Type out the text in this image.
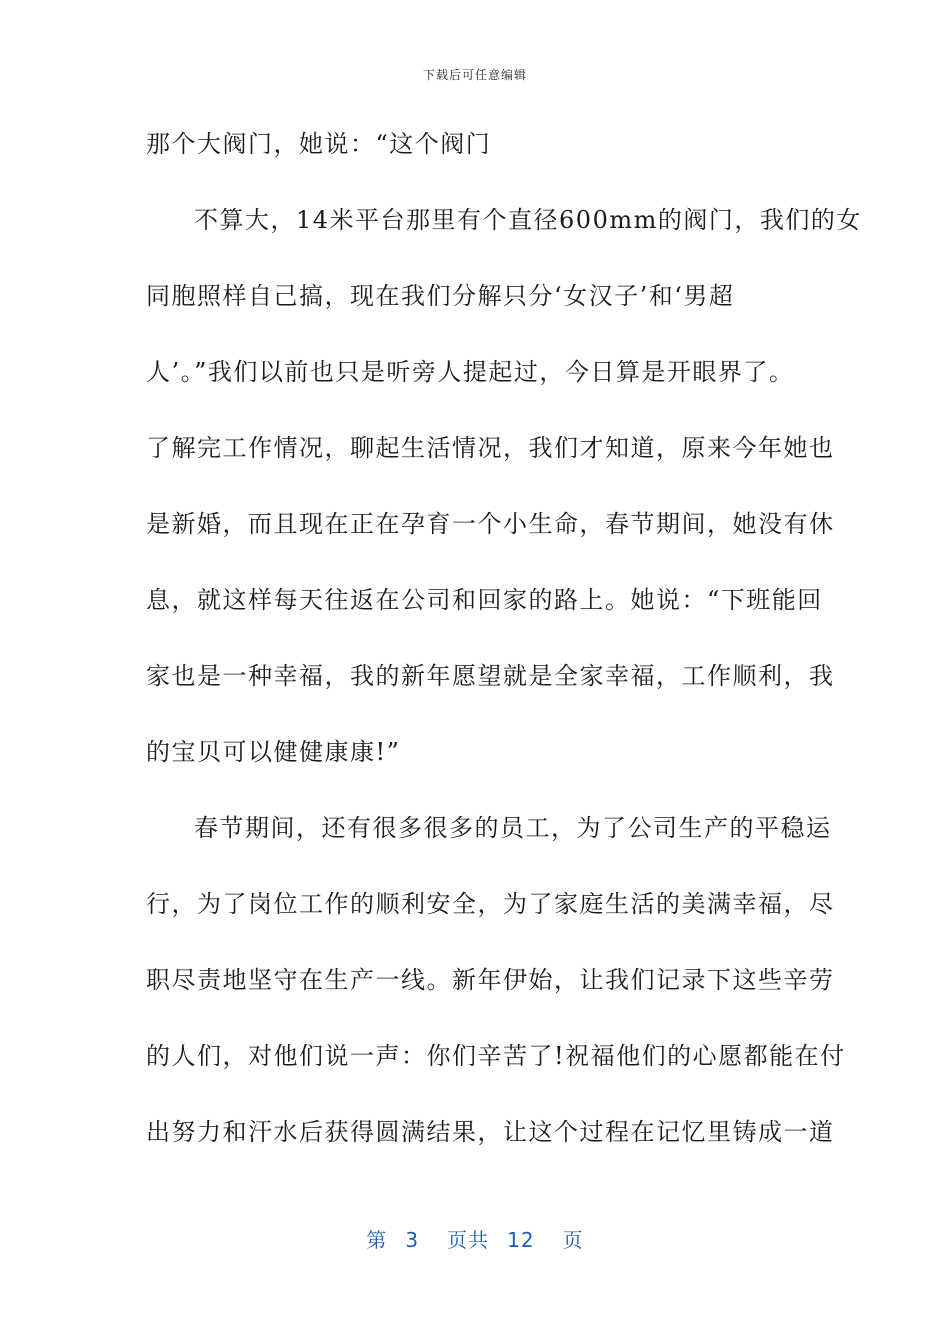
下载后可任意编辑
那个大阀门，她说：“这个阀门
不算大，14米平台那里有个直径600mm的阀门，我们的女
同胞照样自己搞，现在我们分解只分‘女汉子’和‘男超
人’。”我们以前也只是听旁人提起过，今日算是开眼界了。
了解完工作情况，聊起生活情况，我们才知道，原来今年她也
是新婚，而且现在正在孕育一个小生命，春节期间，她没有休
息，就这样每天往返在公司和回家的路上。她说：“下班能回
家也是一种幸福，我的新年愿望就是全家幸福，工作顺利，我
的宝贝可以健健康康!”
春节期间，还有很多很多的员工，为了公司生产的平稳运
行，为了岗位工作的顺利安全，为了家庭生活的美满幸福，尽
职尽责地坚守在生产一线。新年伊始，让我们记录下这些辛劳
的人们，对他们说一声：你们辛苦了!祝福他们的心愿都能在付
出努力和汗水后获得圆满结果，让这个过程在记忆里铸成一道
第 3 页共 12 页
